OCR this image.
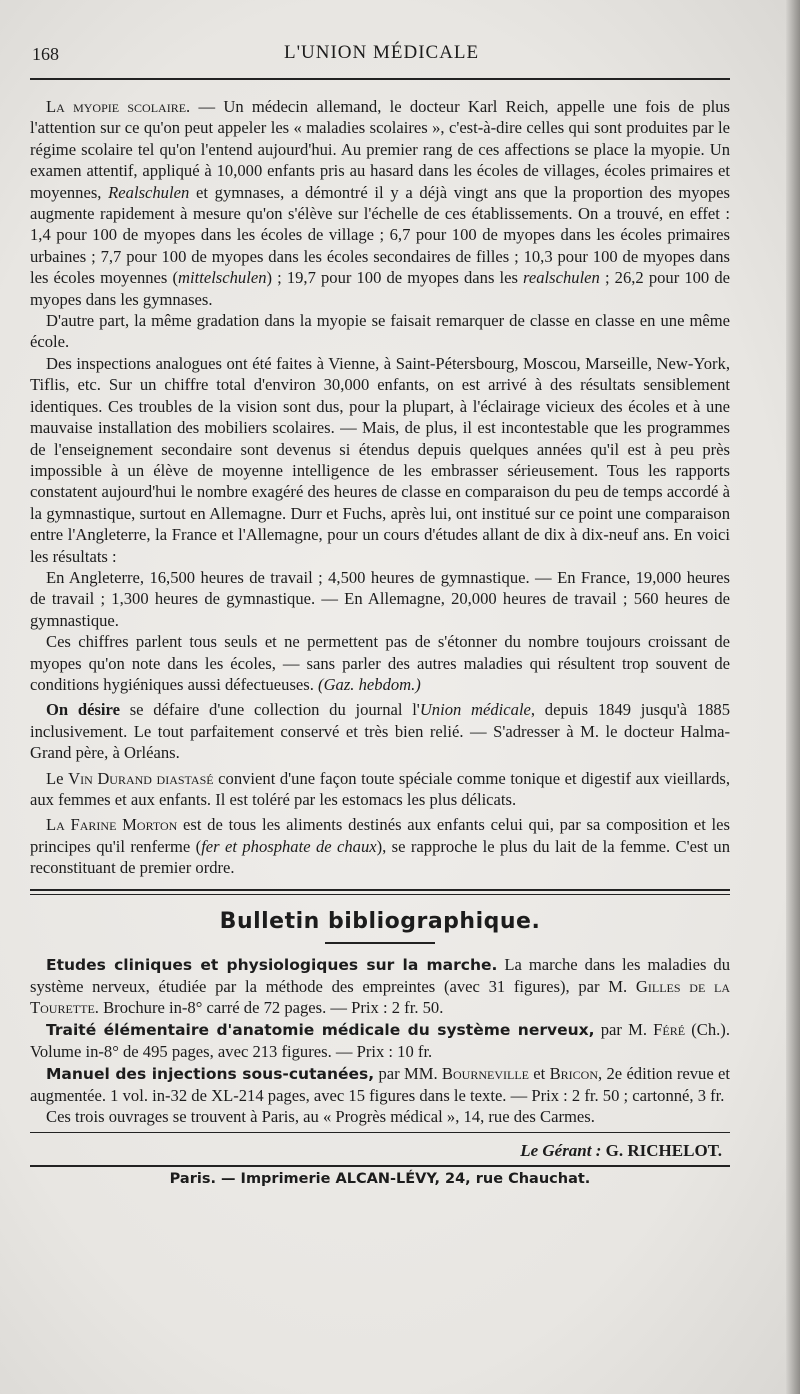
168	L'UNION MÉDICALE

La myopie scolaire. — Un médecin allemand, le docteur Karl Reich, appelle une fois de plus l'attention sur ce qu'on peut appeler les « maladies scolaires », c'est-à-dire celles qui sont produites par le régime scolaire tel qu'on l'entend aujourd'hui. Au premier rang de ces affections se place la myopie. Un examen attentif, appliqué à 10,000 enfants pris au hasard dans les écoles de villages, écoles primaires et moyennes, Realschulen et gymnases, a démontré il y a déjà vingt ans que la proportion des myopes augmente rapidement à mesure qu'on s'élève sur l'échelle de ces établissements. On a trouvé, en effet : 1,4 pour 100 de myopes dans les écoles de village ; 6,7 pour 100 de myopes dans les écoles primaires urbaines ; 7,7 pour 100 de myopes dans les écoles secondaires de filles ; 10,3 pour 100 de myopes dans les écoles moyennes (mittelschulen) ; 19,7 pour 100 de myopes dans les realschulen ; 26,2 pour 100 de myopes dans les gymnases.

D'autre part, la même gradation dans la myopie se faisait remarquer de classe en classe en une même école.

Des inspections analogues ont été faites à Vienne, à Saint-Pétersbourg, Moscou, Marseille, New-York, Tiflis, etc. Sur un chiffre total d'environ 30,000 enfants, on est arrivé à des résultats sensiblement identiques. Ces troubles de la vision sont dus, pour la plupart, à l'éclairage vicieux des écoles et à une mauvaise installation des mobiliers scolaires. — Mais, de plus, il est incontestable que les programmes de l'enseignement secondaire sont devenus si étendus depuis quelques années qu'il est à peu près impossible à un élève de moyenne intelligence de les embrasser sérieusement. Tous les rapports constatent aujourd'hui le nombre exagéré des heures de classe en comparaison du peu de temps accordé à la gymnastique, surtout en Allemagne. Durr et Fuchs, après lui, ont institué sur ce point une comparaison entre l'Angleterre, la France et l'Allemagne, pour un cours d'études allant de dix à dix-neuf ans. En voici les résultats :

En Angleterre, 16,500 heures de travail ; 4,500 heures de gymnastique. — En France, 19,000 heures de travail ; 1,300 heures de gymnastique. — En Allemagne, 20,000 heures de travail ; 560 heures de gymnastique.

Ces chiffres parlent tous seuls et ne permettent pas de s'étonner du nombre toujours croissant de myopes qu'on note dans les écoles, — sans parler des autres maladies qui résultent trop souvent de conditions hygiéniques aussi défectueuses. (Gaz. hebdom.)

On désire se défaire d'une collection du journal l'Union médicale, depuis 1849 jusqu'à 1885 inclusivement. Le tout parfaitement conservé et très bien relié. — S'adresser à M. le docteur Halma-Grand père, à Orléans.

Le Vin Durand diastasé convient d'une façon toute spéciale comme tonique et digestif aux vieillards, aux femmes et aux enfants. Il est toléré par les estomacs les plus délicats.

La Farine Morton est de tous les aliments destinés aux enfants celui qui, par sa composition et les principes qu'il renferme (fer et phosphate de chaux), se rapproche le plus du lait de la femme. C'est un reconstituant de premier ordre.

Bulletin bibliographique.

Etudes cliniques et physiologiques sur la marche. La marche dans les maladies du système nerveux, étudiée par la méthode des empreintes (avec 31 figures), par M. Gilles de la Tourette. Brochure in-8° carré de 72 pages. — Prix : 2 fr. 50.

Traité élémentaire d'anatomie médicale du système nerveux, par M. Féré (Ch.). Volume in-8° de 495 pages, avec 213 figures. — Prix : 10 fr.

Manuel des injections sous-cutanées, par MM. Bourneville et Bricon, 2e édition revue et augmentée. 1 vol. in-32 de XL-214 pages, avec 15 figures dans le texte. — Prix : 2 fr. 50 ; cartonné, 3 fr.

Ces trois ouvrages se trouvent à Paris, au « Progrès médical », 14, rue des Carmes.

Le Gérant : G. RICHELOT.
Paris. — Imprimerie ALCAN-LÉVY, 24, rue Chauchat.
